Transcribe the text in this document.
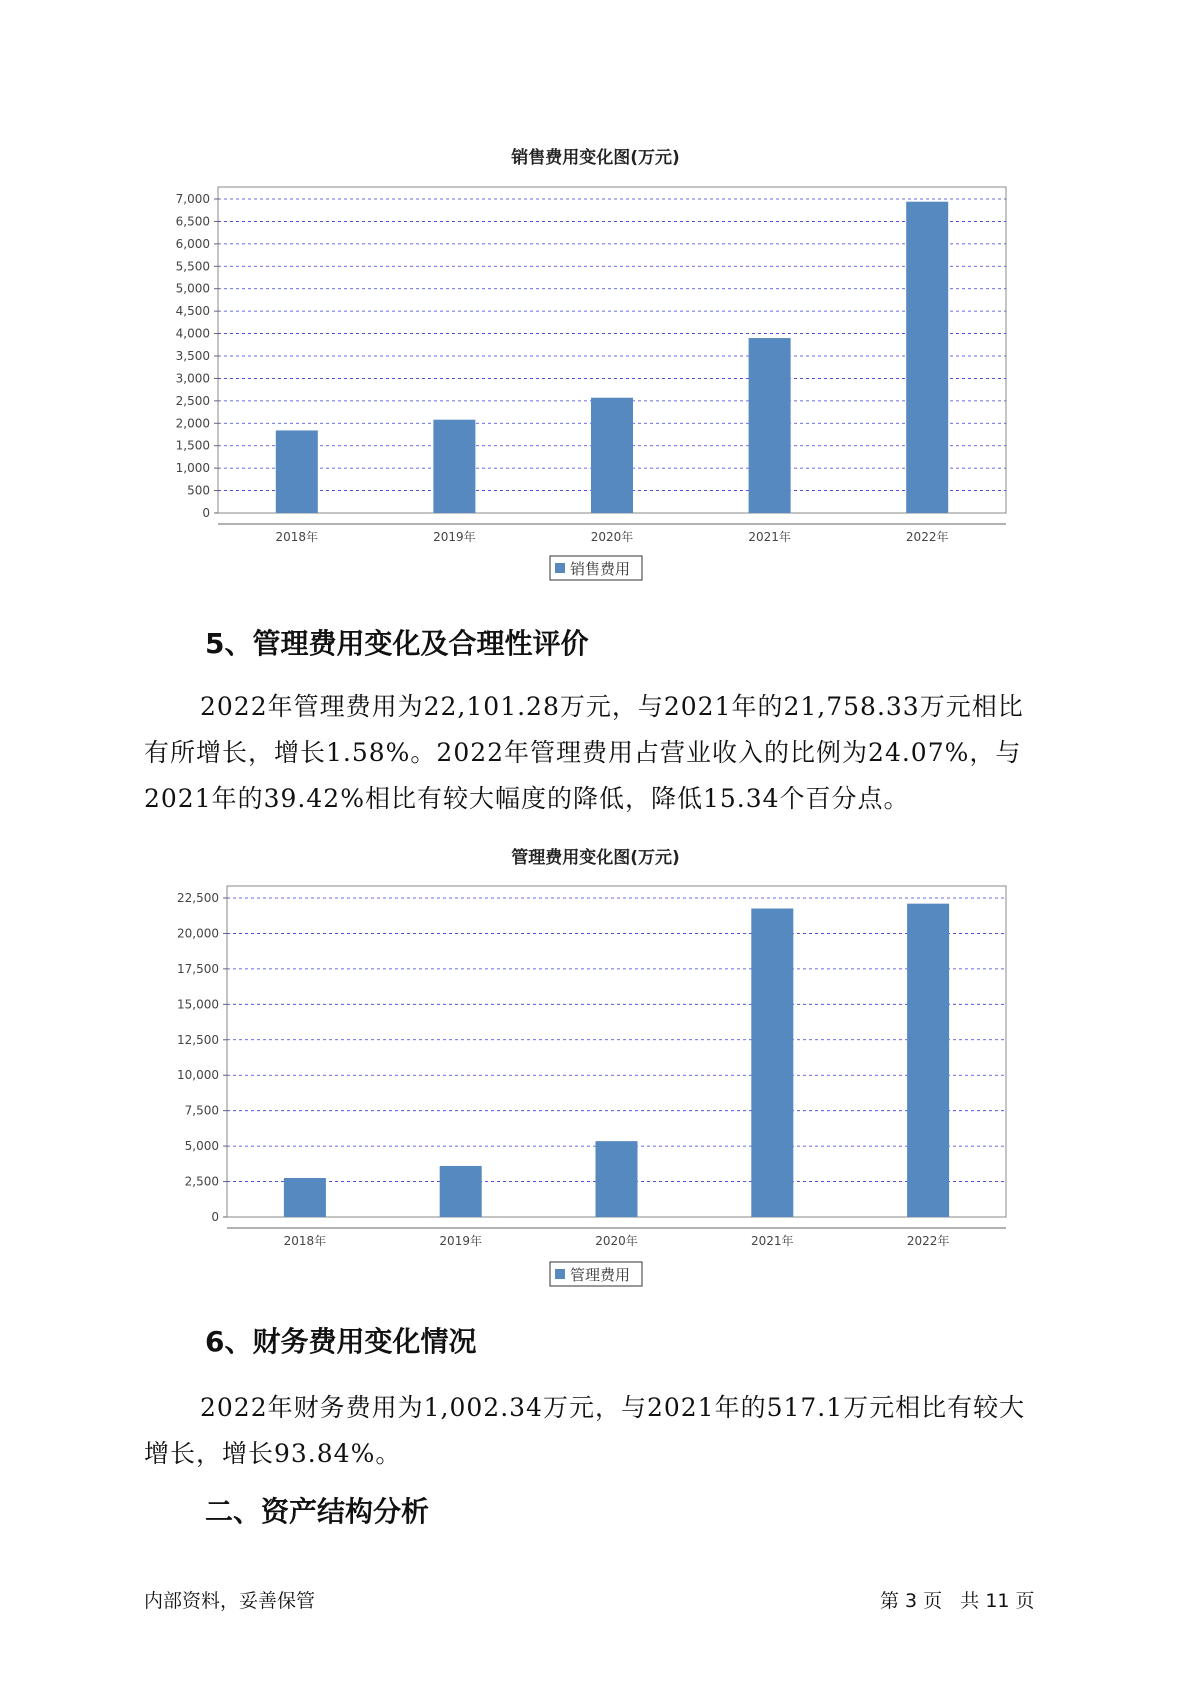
销售费用变化图(万元)
0
500
1,000
1,500
2,000
2,500
3,000
3,500
4,000
4,500
5,000
5,500
6,000
6,500
7,000
2018年	2019年	2020年	2021年	2022年
销售费用
5、管理费用变化及合理性评价

2022年管理费用为22,101.28万元，与2021年的21,758.33万元相比有所增长，增长1.58%。2022年管理费用占营业收入的比例为24.07%，与2021年的39.42%相比有较大幅度的降低，降低15.34个百分点。

管理费用变化图(万元)
0
2,500
5,000
7,500
10,000
12,500
15,000
17,500
20,000
22,500
2018年	2019年	2020年	2021年	2022年
管理费用
6、财务费用变化情况

2022年财务费用为1,002.34万元，与2021年的517.1万元相比有较大增长，增长93.84%。

二、资产结构分析
内部资料，妥善保管	第 3 页   共 11 页
